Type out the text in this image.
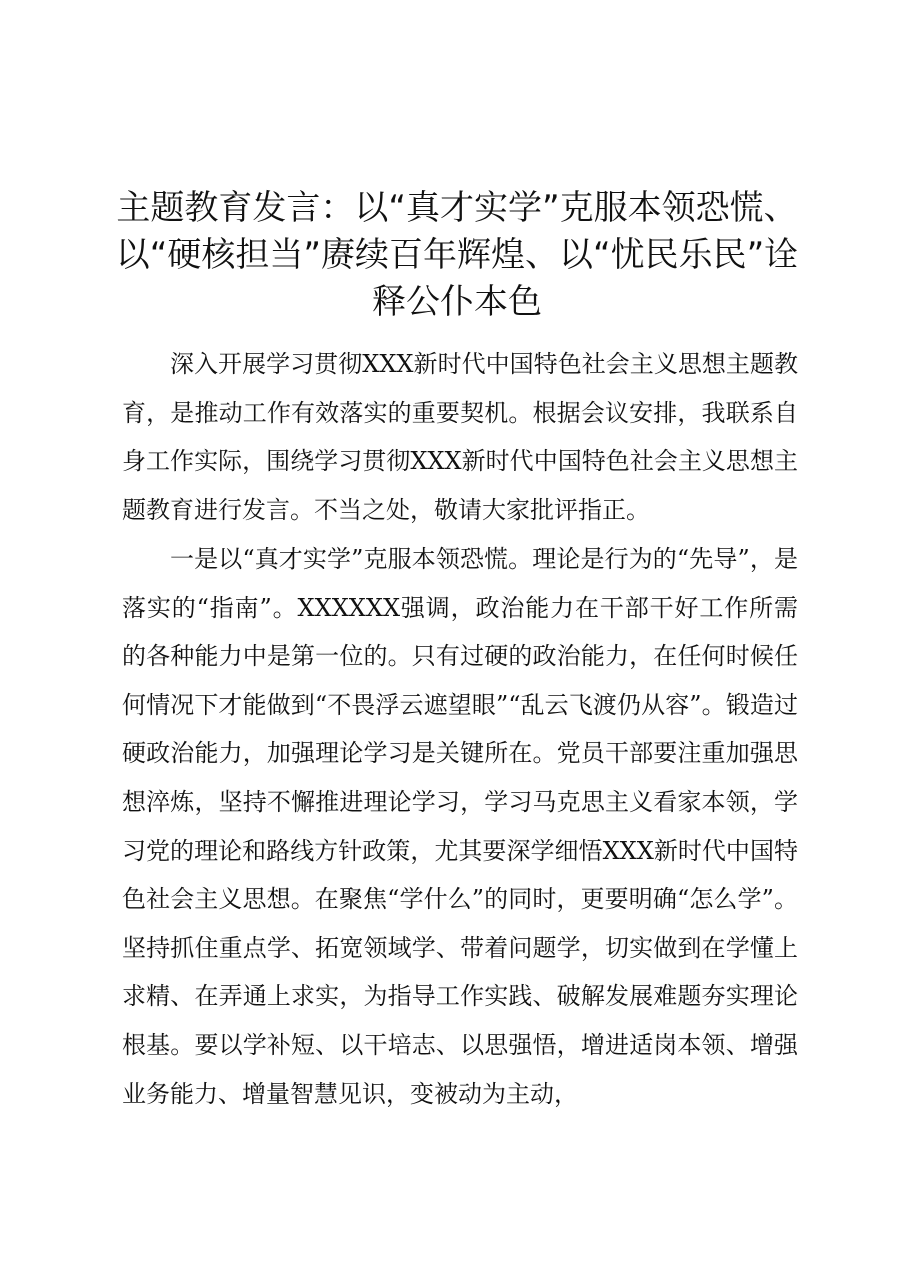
主题教育发言：以“真才实学”克服本领恐慌、以“硬核担当”赓续百年辉煌、以“忧民乐民”诠释公仆本色

深入开展学习贯彻XXX新时代中国特色社会主义思想主题教育，是推动工作有效落实的重要契机。根据会议安排，我联系自身工作实际，围绕学习贯彻XXX新时代中国特色社会主义思想主题教育进行发言。不当之处，敬请大家批评指正。

一是以“真才实学”克服本领恐慌。理论是行为的“先导”，是落实的“指南”。XXXXXX强调，政治能力在干部干好工作所需的各种能力中是第一位的。只有过硬的政治能力，在任何时候任何情况下才能做到“不畏浮云遮望眼”“乱云飞渡仍从容”。锻造过硬政治能力，加强理论学习是关键所在。党员干部要注重加强思想淬炼，坚持不懈推进理论学习，学习马克思主义看家本领，学习党的理论和路线方针政策，尤其要深学细悟XXX新时代中国特色社会主义思想。在聚焦“学什么”的同时，更要明确“怎么学”。坚持抓住重点学、拓宽领域学、带着问题学，切实做到在学懂上求精、在弄通上求实，为指导工作实践、破解发展难题夯实理论根基。要以学补短、以干培志、以思强悟，增进适岗本领、增强业务能力、增量智慧见识，变被动为主动，
